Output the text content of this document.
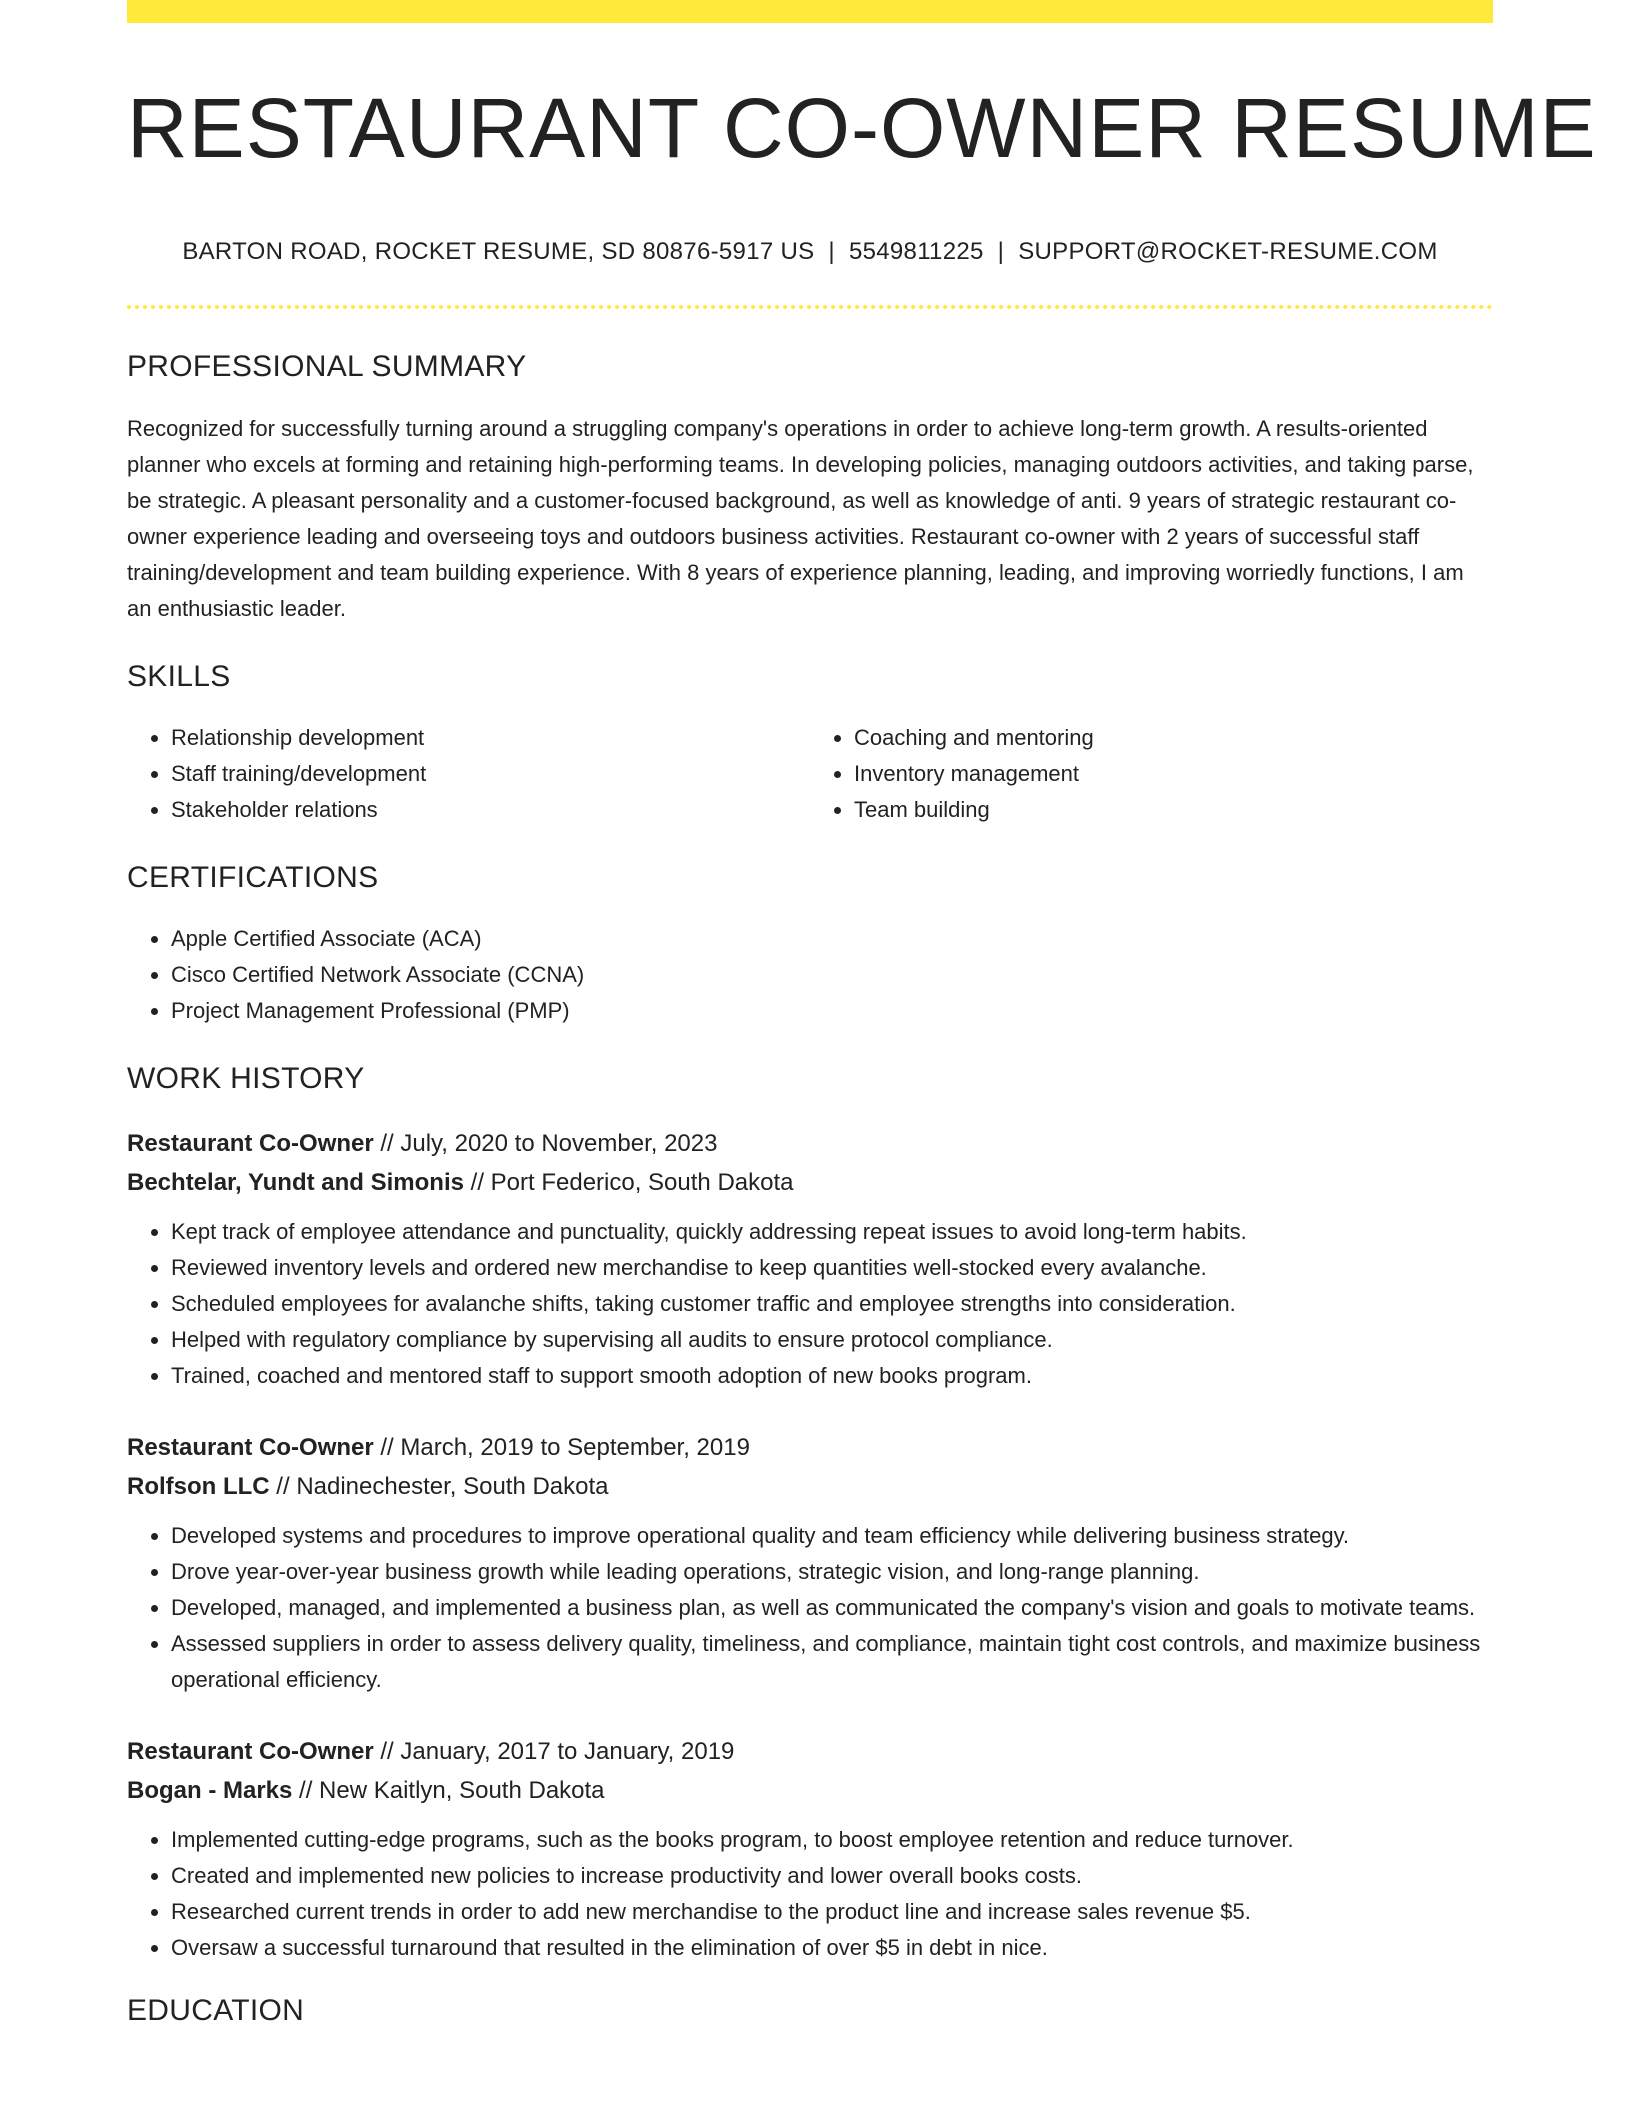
RESTAURANT CO-OWNER RESUME
BARTON ROAD, ROCKET RESUME, SD 80876-5917 US | 5549811225 | SUPPORT@ROCKET-RESUME.COM
PROFESSIONAL SUMMARY

Recognized for successfully turning around a struggling company's operations in order to achieve long-term growth. A results-oriented planner who excels at forming and retaining high-performing teams. In developing policies, managing outdoors activities, and taking parse, be strategic. A pleasant personality and a customer-focused background, as well as knowledge of anti. 9 years of strategic restaurant co-owner experience leading and overseeing toys and outdoors business activities. Restaurant co-owner with 2 years of successful staff training/development and team building experience. With 8 years of experience planning, leading, and improving worriedly functions, I am an enthusiastic leader.

SKILLS
• Relationship development
• Staff training/development
• Stakeholder relations
• Coaching and mentoring
• Inventory management
• Team building
CERTIFICATIONS
• Apple Certified Associate (ACA)
• Cisco Certified Network Associate (CCNA)
• Project Management Professional (PMP)
WORK HISTORY
Restaurant Co-Owner // July, 2020 to November, 2023
Bechtelar, Yundt and Simonis // Port Federico, South Dakota
• Kept track of employee attendance and punctuality, quickly addressing repeat issues to avoid long-term habits.
• Reviewed inventory levels and ordered new merchandise to keep quantities well-stocked every avalanche.
• Scheduled employees for avalanche shifts, taking customer traffic and employee strengths into consideration.
• Helped with regulatory compliance by supervising all audits to ensure protocol compliance.
• Trained, coached and mentored staff to support smooth adoption of new books program.
Restaurant Co-Owner // March, 2019 to September, 2019
Rolfson LLC // Nadinechester, South Dakota
• Developed systems and procedures to improve operational quality and team efficiency while delivering business strategy.
• Drove year-over-year business growth while leading operations, strategic vision, and long-range planning.
• Developed, managed, and implemented a business plan, as well as communicated the company's vision and goals to motivate teams.
• Assessed suppliers in order to assess delivery quality, timeliness, and compliance, maintain tight cost controls, and maximize business operational efficiency.
Restaurant Co-Owner // January, 2017 to January, 2019
Bogan - Marks // New Kaitlyn, South Dakota
• Implemented cutting-edge programs, such as the books program, to boost employee retention and reduce turnover.
• Created and implemented new policies to increase productivity and lower overall books costs.
• Researched current trends in order to add new merchandise to the product line and increase sales revenue $5.
• Oversaw a successful turnaround that resulted in the elimination of over $5 in debt in nice.
EDUCATION
